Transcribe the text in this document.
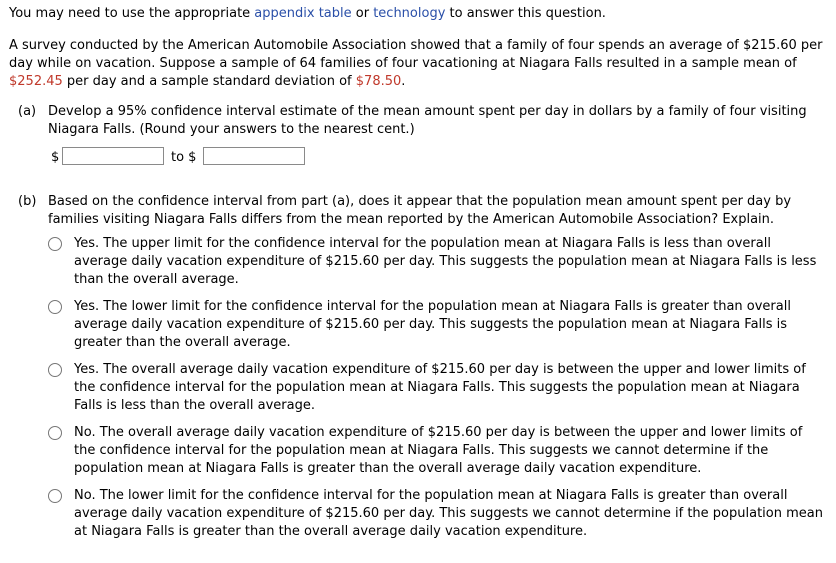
You may need to use the appropriate appendix table or technology to answer this question.
A survey conducted by the American Automobile Association showed that a family of four spends an average of $215.60 per day while on vacation. Suppose a sample of 64 families of four vacationing at Niagara Falls resulted in a sample mean of $252.45 per day and a sample standard deviation of $78.50.
(a) Develop a 95% confidence interval estimate of the mean amount spent per day in dollars by a family of four visiting Niagara Falls. (Round your answers to the nearest cent.)
$	to $
(b) Based on the confidence interval from part (a), does it appear that the population mean amount spent per day by families visiting Niagara Falls differs from the mean reported by the American Automobile Association? Explain.
Yes. The upper limit for the confidence interval for the population mean at Niagara Falls is less than overall average daily vacation expenditure of $215.60 per day. This suggests the population mean at Niagara Falls is less than the overall average.
Yes. The lower limit for the confidence interval for the population mean at Niagara Falls is greater than overall average daily vacation expenditure of $215.60 per day. This suggests the population mean at Niagara Falls is greater than the overall average.
Yes. The overall average daily vacation expenditure of $215.60 per day is between the upper and lower limits of the confidence interval for the population mean at Niagara Falls. This suggests the population mean at Niagara Falls is less than the overall average.
No. The overall average daily vacation expenditure of $215.60 per day is between the upper and lower limits of the confidence interval for the population mean at Niagara Falls. This suggests we cannot determine if the population mean at Niagara Falls is greater than the overall average daily vacation expenditure.
No. The lower limit for the confidence interval for the population mean at Niagara Falls is greater than overall average daily vacation expenditure of $215.60 per day. This suggests we cannot determine if the population mean at Niagara Falls is greater than the overall average daily vacation expenditure.
